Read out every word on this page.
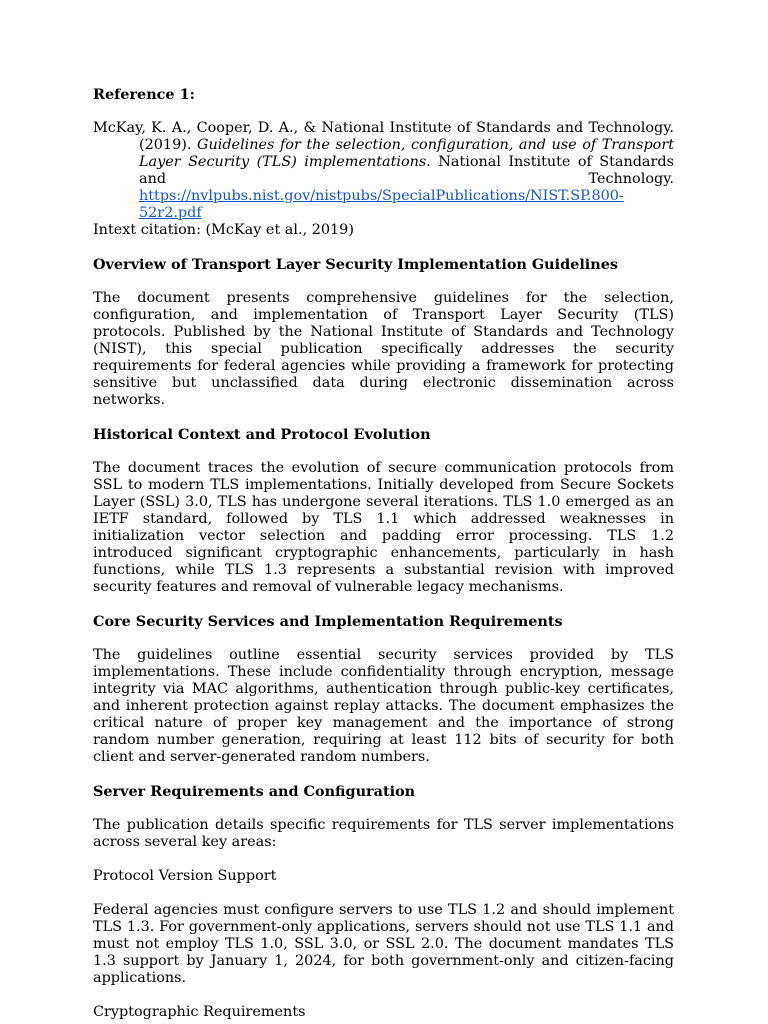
Reference 1:

McKay, K. A., Cooper, D. A., & National Institute of Standards and Technology. (2019). Guidelines for the selection, configuration, and use of Transport Layer Security (TLS) implementations. National Institute of Standards and Technology. https://nvlpubs.nist.gov/nistpubs/SpecialPublications/NIST.SP.800-52r2.pdf

Intext citation: (McKay et al., 2019)

Overview of Transport Layer Security Implementation Guidelines

The document presents comprehensive guidelines for the selection, configuration, and implementation of Transport Layer Security (TLS) protocols. Published by the National Institute of Standards and Technology (NIST), this special publication specifically addresses the security requirements for federal agencies while providing a framework for protecting sensitive but unclassified data during electronic dissemination across networks.

Historical Context and Protocol Evolution

The document traces the evolution of secure communication protocols from SSL to modern TLS implementations. Initially developed from Secure Sockets Layer (SSL) 3.0, TLS has undergone several iterations. TLS 1.0 emerged as an IETF standard, followed by TLS 1.1 which addressed weaknesses in initialization vector selection and padding error processing. TLS 1.2 introduced significant cryptographic enhancements, particularly in hash functions, while TLS 1.3 represents a substantial revision with improved security features and removal of vulnerable legacy mechanisms.

Core Security Services and Implementation Requirements

The guidelines outline essential security services provided by TLS implementations. These include confidentiality through encryption, message integrity via MAC algorithms, authentication through public-key certificates, and inherent protection against replay attacks. The document emphasizes the critical nature of proper key management and the importance of strong random number generation, requiring at least 112 bits of security for both client and server-generated random numbers.

Server Requirements and Configuration

The publication details specific requirements for TLS server implementations across several key areas:

Protocol Version Support

Federal agencies must configure servers to use TLS 1.2 and should implement TLS 1.3. For government-only applications, servers should not use TLS 1.1 and must not employ TLS 1.0, SSL 3.0, or SSL 2.0. The document mandates TLS 1.3 support by January 1, 2024, for both government-only and citizen-facing applications.

Cryptographic Requirements
